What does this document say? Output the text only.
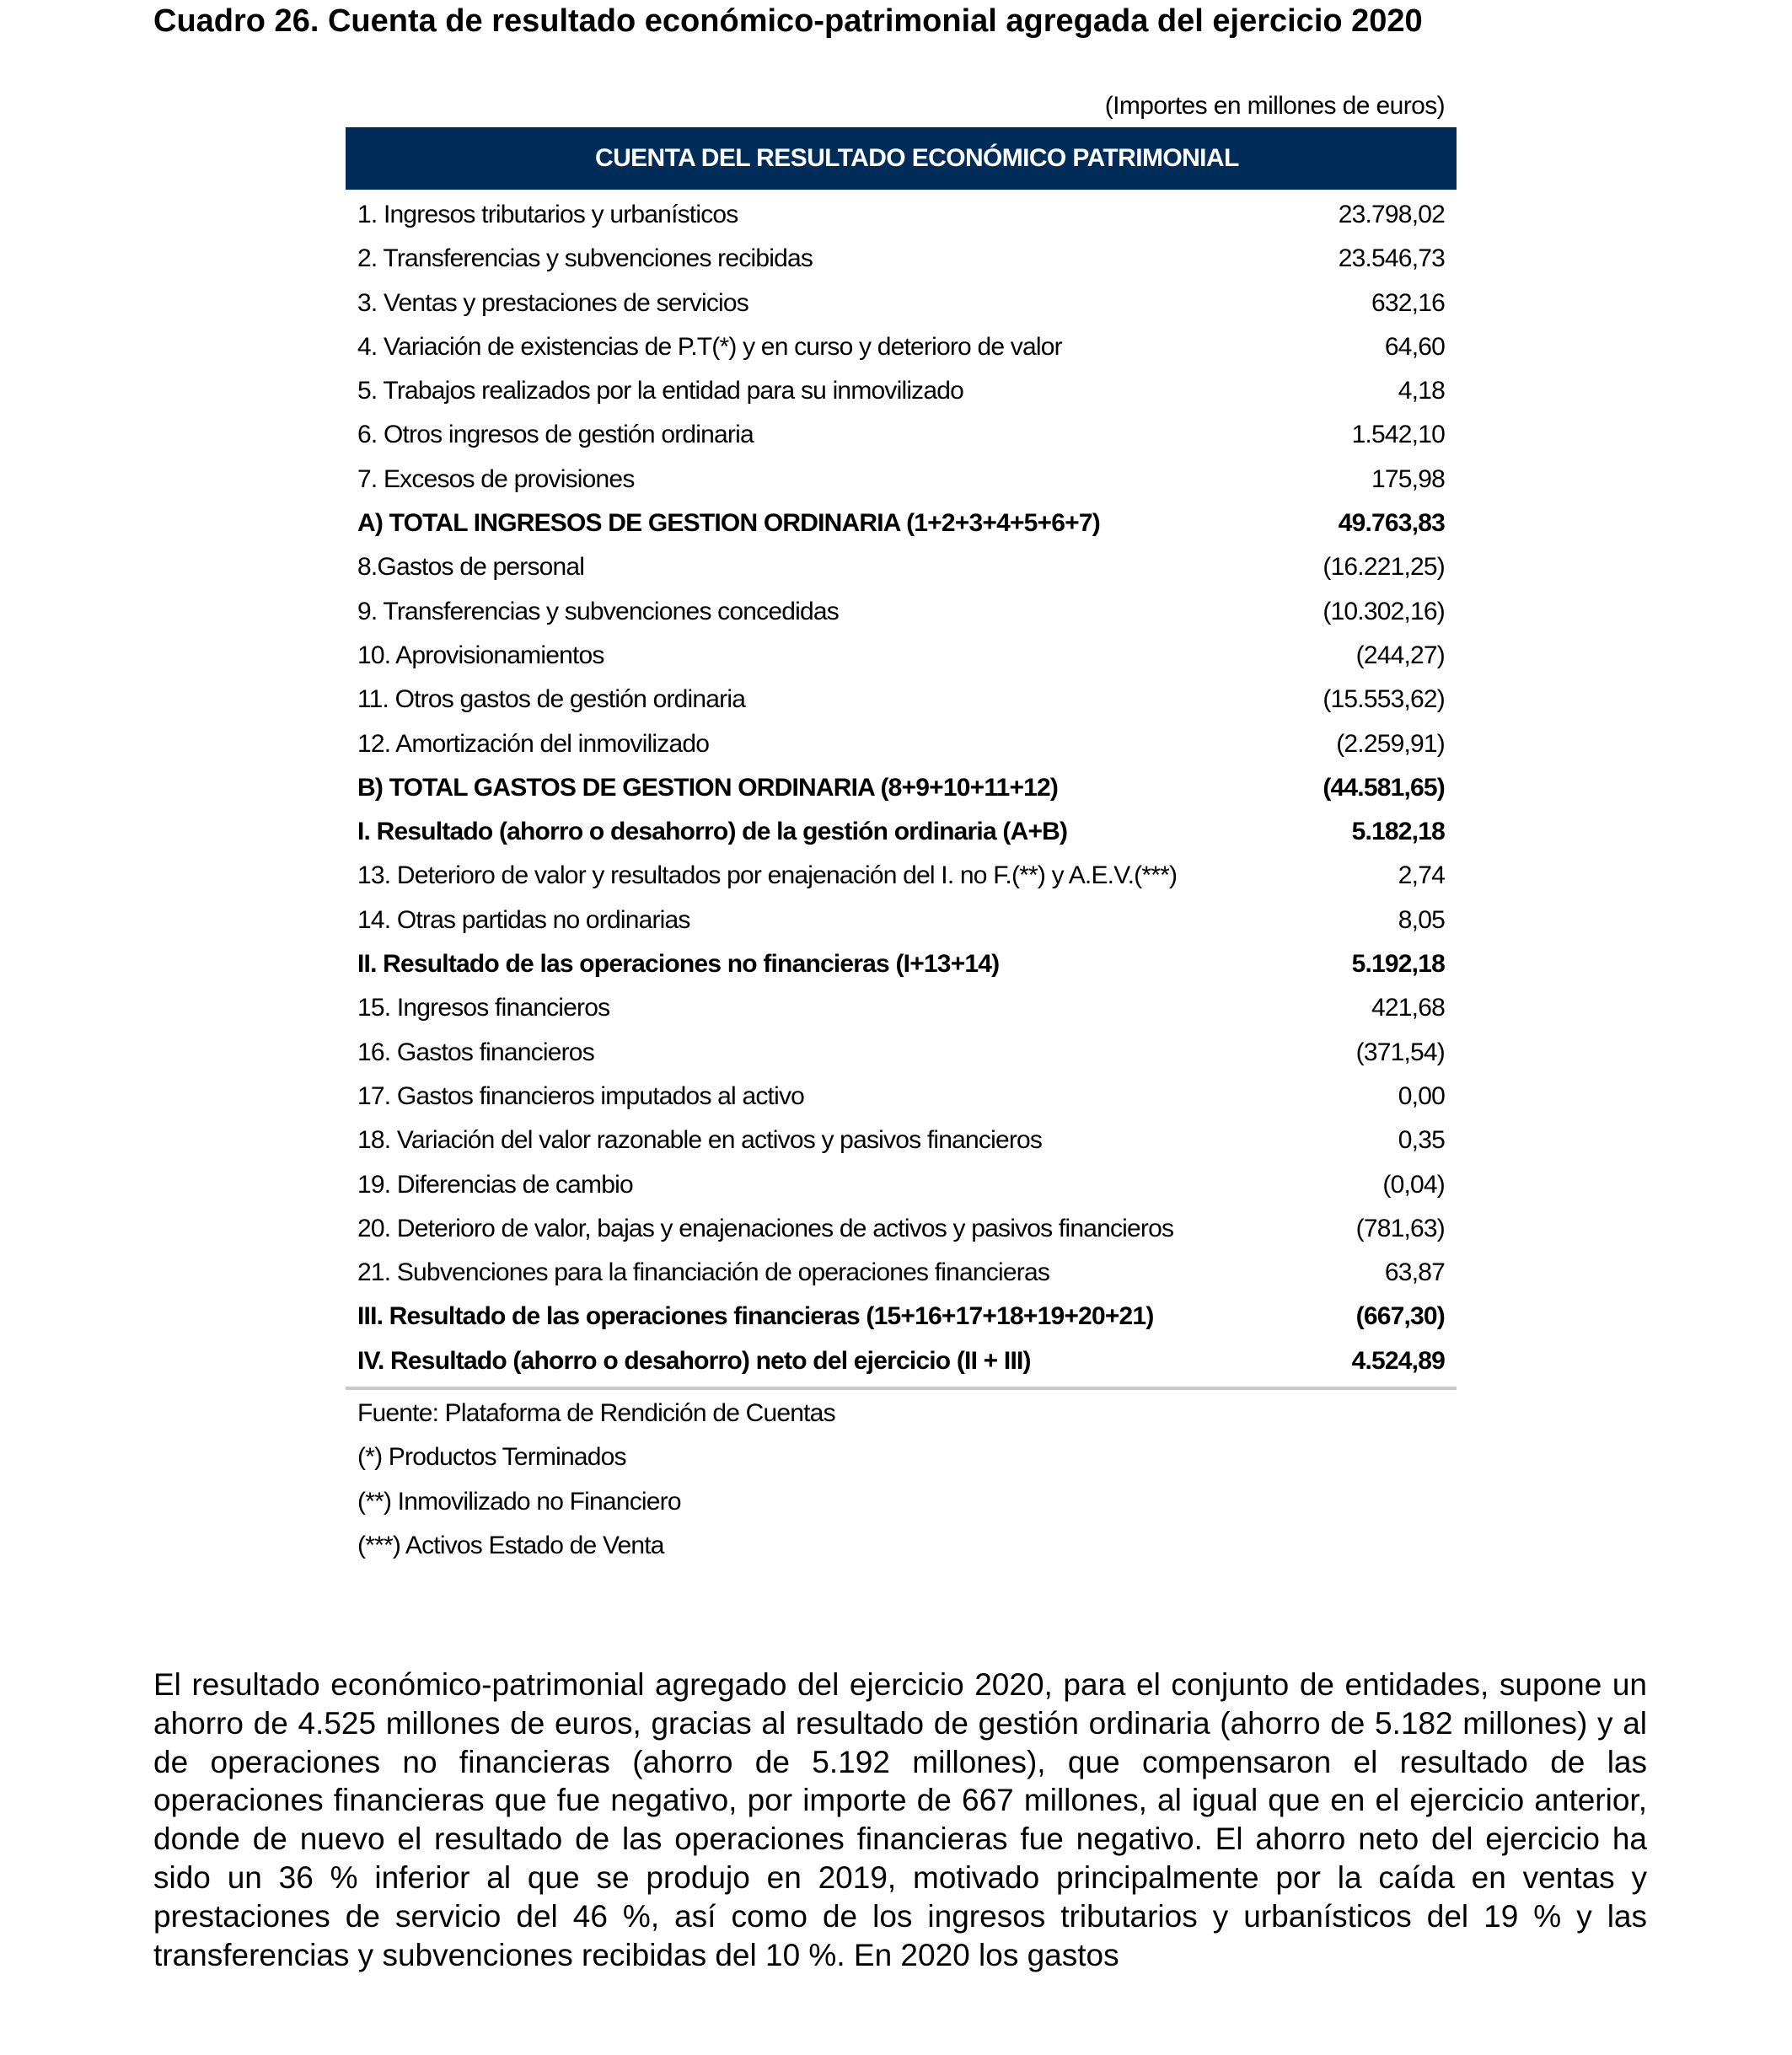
Cuadro 26. Cuenta de resultado económico-patrimonial agregada del ejercicio 2020
(Importes en millones de euros)
CUENTA DEL RESULTADO ECONÓMICO PATRIMONIAL
1. Ingresos tributarios y urbanísticos	23.798,02
2. Transferencias y subvenciones recibidas	23.546,73
3. Ventas y prestaciones de servicios	632,16
4. Variación de existencias de P.T(*) y en curso y deterioro de valor	64,60
5. Trabajos realizados por la entidad para su inmovilizado	4,18
6. Otros ingresos de gestión ordinaria	1.542,10
7. Excesos de provisiones	175,98
A) TOTAL INGRESOS DE GESTION ORDINARIA (1+2+3+4+5+6+7)	49.763,83
8.Gastos de personal	(16.221,25)
9. Transferencias y subvenciones concedidas	(10.302,16)
10. Aprovisionamientos	(244,27)
11. Otros gastos de gestión ordinaria	(15.553,62)
12. Amortización del inmovilizado	(2.259,91)
B) TOTAL GASTOS DE GESTION ORDINARIA (8+9+10+11+12)	(44.581,65)
I. Resultado (ahorro o desahorro) de la gestión ordinaria (A+B)	5.182,18
13. Deterioro de valor y resultados por enajenación del I. no F.(**) y A.E.V.(***)	2,74
14. Otras partidas no ordinarias	8,05
II. Resultado de las operaciones no financieras (I+13+14)	5.192,18
15. Ingresos financieros	421,68
16. Gastos financieros	(371,54)
17. Gastos financieros imputados al activo	0,00
18. Variación del valor razonable en activos y pasivos financieros	0,35
19. Diferencias de cambio	(0,04)
20. Deterioro de valor, bajas y enajenaciones de activos y pasivos financieros	(781,63)
21. Subvenciones para la financiación de operaciones financieras	63,87
III. Resultado de las operaciones financieras (15+16+17+18+19+20+21)	(667,30)
IV. Resultado (ahorro o desahorro) neto del ejercicio (II + III)	4.524,89
Fuente: Plataforma de Rendición de Cuentas
(*) Productos Terminados
(**) Inmovilizado no Financiero
(***) Activos Estado de Venta
El resultado económico-patrimonial agregado del ejercicio 2020, para el conjunto de entidades, supone un ahorro de 4.525 millones de euros, gracias al resultado de gestión ordinaria (ahorro de 5.182 millones) y al de operaciones no financieras (ahorro de 5.192 millones), que compensaron el resultado de las operaciones financieras que fue negativo, por importe de 667 millones, al igual que en el ejercicio anterior, donde de nuevo el resultado de las operaciones financieras fue negativo. El ahorro neto del ejercicio ha sido un 36 % inferior al que se produjo en 2019, motivado principalmente por la caída en ventas y prestaciones de servicio del 46 %, así como de los ingresos tributarios y urbanísticos del 19 % y las transferencias y subvenciones recibidas del 10 %. En 2020 los gastos
